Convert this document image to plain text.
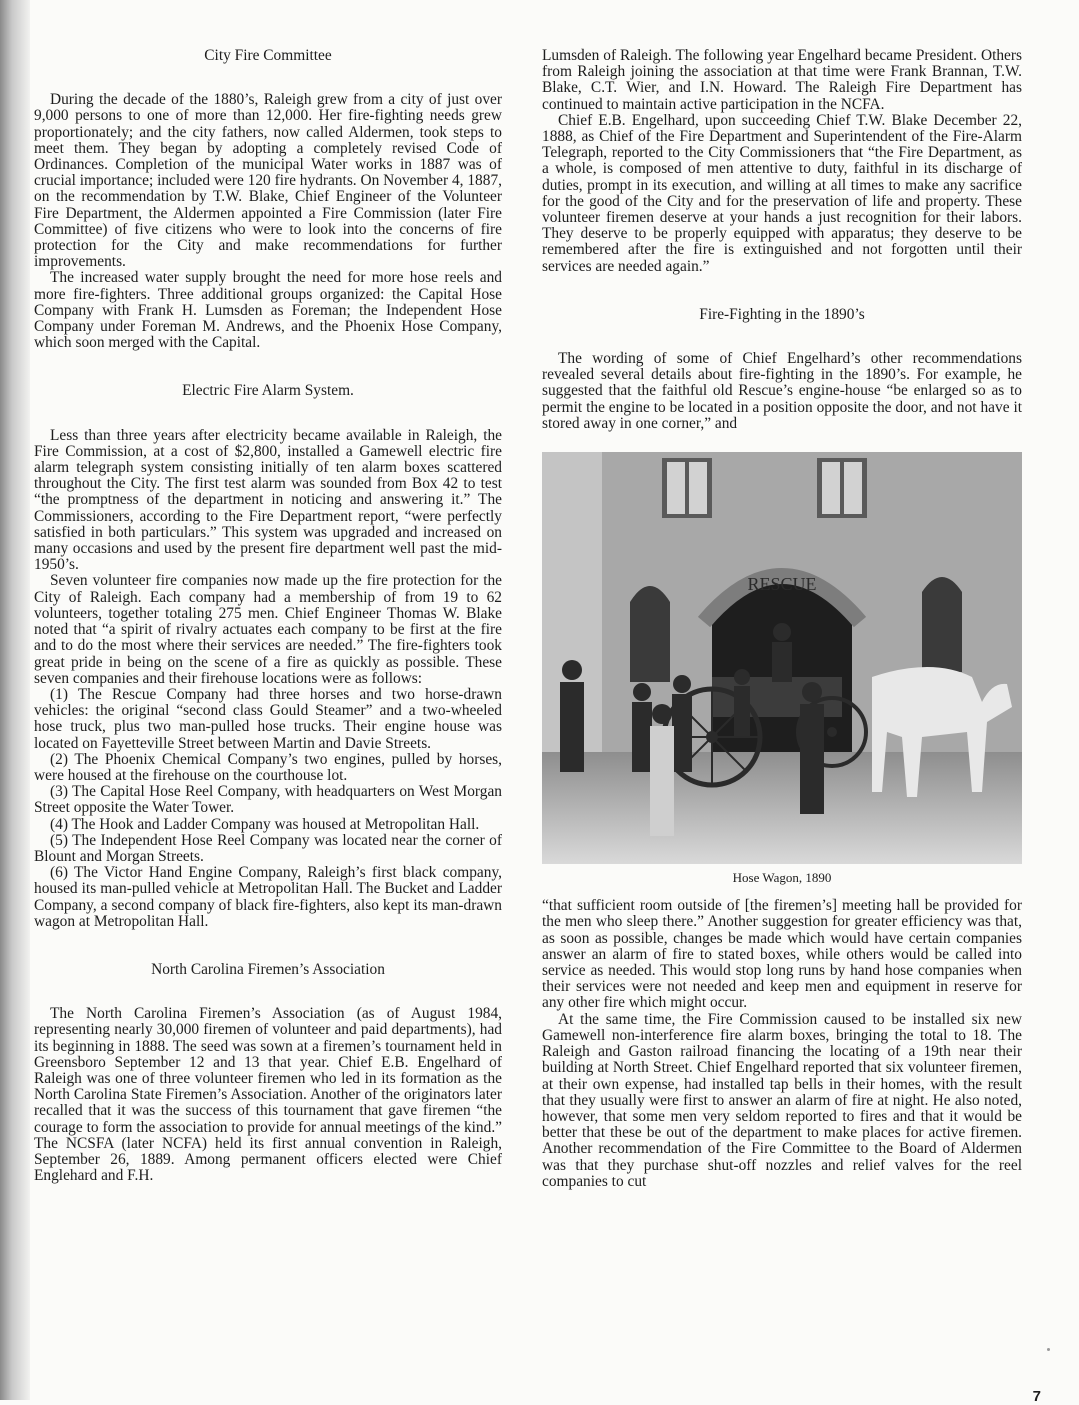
City Fire Committee

During the decade of the 1880’s, Raleigh grew from a city of just over 9,000 persons to one of more than 12,000. Her fire-fighting needs grew proportionately; and the city fathers, now called Aldermen, took steps to meet them. They began by adopting a completely revised Code of Ordinances. Completion of the municipal Water works in 1887 was of crucial importance; included were 120 fire hydrants. On November 4, 1887, on the recommendation by T.W. Blake, Chief Engineer of the Volunteer Fire Department, the Aldermen appointed a Fire Commission (later Fire Committee) of five citizens who were to look into the concerns of fire protection for the City and make recommendations for further improvements.

The increased water supply brought the need for more hose reels and more fire-fighters. Three additional groups organized: the Capital Hose Company with Frank H. Lumsden as Foreman; the Independent Hose Company under Foreman M. Andrews, and the Phoenix Hose Company, which soon merged with the Capital.

Electric Fire Alarm System.

Less than three years after electricity became available in Raleigh, the Fire Commission, at a cost of $2,800, installed a Gamewell electric fire alarm telegraph system consisting initially of ten alarm boxes scattered throughout the City. The first test alarm was sounded from Box 42 to test “the promptness of the department in noticing and answering it.” The Commissioners, according to the Fire Department report, “were perfectly satisfied in both particulars.” This system was upgraded and increased on many occasions and used by the present fire department well past the mid-1950’s.

Seven volunteer fire companies now made up the fire protection for the City of Raleigh. Each company had a membership of from 19 to 62 volunteers, together totaling 275 men. Chief Engineer Thomas W. Blake noted that “a spirit of rivalry actuates each company to be first at the fire and to do the most where their services are needed.” The fire-fighters took great pride in being on the scene of a fire as quickly as possible. These seven companies and their firehouse locations were as follows:

(1) The Rescue Company had three horses and two horse-drawn vehicles: the original “second class Gould Steamer” and a two-wheeled hose truck, plus two man-pulled hose trucks. Their engine house was located on Fayetteville Street between Martin and Davie Streets.

(2) The Phoenix Chemical Company’s two engines, pulled by horses, were housed at the firehouse on the courthouse lot.

(3) The Capital Hose Reel Company, with headquarters on West Morgan Street opposite the Water Tower.

(4) The Hook and Ladder Company was housed at Metropolitan Hall.

(5) The Independent Hose Reel Company was located near the corner of Blount and Morgan Streets.

(6) The Victor Hand Engine Company, Raleigh’s first black company, housed its man-pulled vehicle at Metropolitan Hall. The Bucket and Ladder Company, a second company of black fire-fighters, also kept its man-drawn wagon at Metropolitan Hall.

North Carolina Firemen’s Association

The North Carolina Firemen’s Association (as of August 1984, representing nearly 30,000 firemen of volunteer and paid departments), had its beginning in 1888. The seed was sown at a firemen’s tournament held in Greensboro September 12 and 13 that year. Chief E.B. Engelhard of Raleigh was one of three volunteer firemen who led in its formation as the North Carolina State Firemen’s Association. Another of the originators later recalled that it was the success of this tournament that gave firemen “the courage to form the association to provide for annual meetings of the kind.” The NCSFA (later NCFA) held its first annual convention in Raleigh, September 26, 1889. Among permanent officers elected were Chief Englehard and F.H.

Lumsden of Raleigh. The following year Engelhard became President. Others from Raleigh joining the association at that time were Frank Brannan, T.W. Blake, C.T. Wier, and I.N. Howard. The Raleigh Fire Department has continued to maintain active participation in the NCFA.

Chief E.B. Engelhard, upon succeeding Chief T.W. Blake December 22, 1888, as Chief of the Fire Department and Superintendent of the Fire-Alarm Telegraph, reported to the City Commissioners that “the Fire Department, as a whole, is composed of men attentive to duty, faithful in its discharge of duties, prompt in its execution, and willing at all times to make any sacrifice for the good of the City and for the preservation of life and property. These volunteer firemen deserve at your hands a just recognition for their labors. They deserve to be properly equipped with apparatus; they deserve to be remembered after the fire is extinguished and not forgotten until their services are needed again.”

Fire-Fighting in the 1890’s

The wording of some of Chief Engelhard’s other recommendations revealed several details about fire-fighting in the 1890’s. For example, he suggested that the faithful old Rescue’s engine-house “be enlarged so as to permit the engine to be located in a position opposite the door, and not have it stored away in one corner,” and

RESCUE
Hose Wagon, 1890

“that sufficient room outside of [the firemen’s] meeting hall be provided for the men who sleep there.” Another suggestion for greater efficiency was that, as soon as possible, changes be made which would have certain companies answer an alarm of fire to stated boxes, while others would be called into service as needed. This would stop long runs by hand hose companies when their services were not needed and keep men and equipment in reserve for any other fire which might occur.

At the same time, the Fire Commission caused to be installed six new Gamewell non-interference fire alarm boxes, bringing the total to 18. The Raleigh and Gaston railroad financing the locating of a 19th near their building at North Street. Chief Engelhard reported that six volunteer firemen, at their own expense, had installed tap bells in their homes, with the result that they usually were first to answer an alarm of fire at night. He also noted, however, that some men very seldom reported to fires and that it would be better that these be out of the department to make places for active firemen. Another recommendation of the Fire Committee to the Board of Aldermen was that they purchase shut-off nozzles and relief valves for the reel companies to cut

7
